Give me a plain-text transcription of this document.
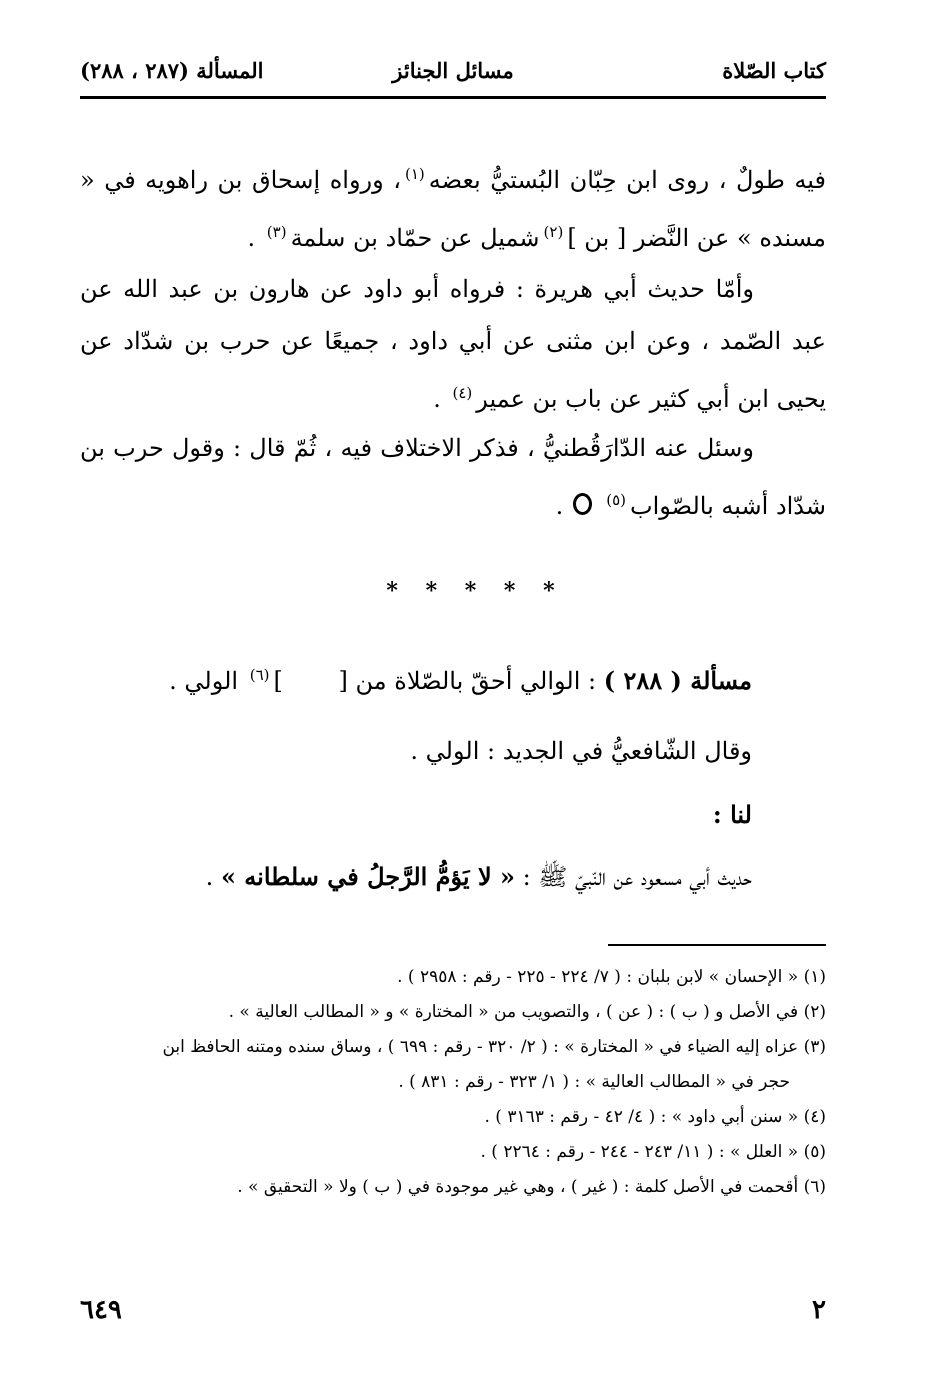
كتاب الصّلاة
مسائل الجنائز
المسألة (٢٨٧ ، ٢٨٨)

فيه طولٌ ، روى ابن حِبّان البُستيُّ بعضه$^{(١)}$، ورواه إسحاق بن راهويه في « مسنده » عن النَّضر [ بن ]$^{(٢)}$شميل عن حمّاد بن سلمة$^{(٣)}$ .

وأمّا حديث أبي هريرة : فرواه أبو داود عن هارون بن عبد الله عن عبد الصّمد ، وعن ابن مثنى عن أبي داود ، جميعًا عن حرب بن شدّاد عن يحيى ابن أبي كثير عن باب بن عمير$^{(٤)}$ .

وسئل عنه الدّارَقُطنيُّ ، فذكر الاختلاف فيه ، ثُمّ قال : وقول حرب بن شدّاد أشبه بالصّواب$^{(٥)}$.

* * * * *
مسألة ( ٢٨٨ ) : الوالي أحقّ بالصّلاة من [   ]$^{(٦)}$ الولي .
وقال الشّافعيُّ في الجديد : الولي .
لنا :
حديث أبي مسعود عن النّبيّ ﷺ : « لا يَؤمُّ الرَّجلُ في سلطانه » .
(١) « الإحسان » لابن بلبان : ( ٧/ ٢٢٤ - ٢٢٥ - رقم : ٢٩٥٨ ) .
(٢) في الأصل و ( ب ) : ( عن ) ، والتصويب من « المختارة » و « المطالب العالية » .
(٣) عزاه إليه الضياء في « المختارة » : ( ٢/ ٣٢٠ - رقم : ٦٩٩ ) ، وساق سنده ومتنه الحافظ ابن
حجر في « المطالب العالية » : ( ١/ ٣٢٣ - رقم : ٨٣١ ) .
(٤) « سنن أبي داود » : ( ٤/ ٤٢ - رقم : ٣١٦٣ ) .
(٥) « العلل » : ( ١١/ ٢٤٣ - ٢٤٤ - رقم : ٢٢٦٤ ) .
(٦) أقحمت في الأصل كلمة : ( غير ) ، وهي غير موجودة في ( ب ) ولا « التحقيق » .
٢
٦٤٩
